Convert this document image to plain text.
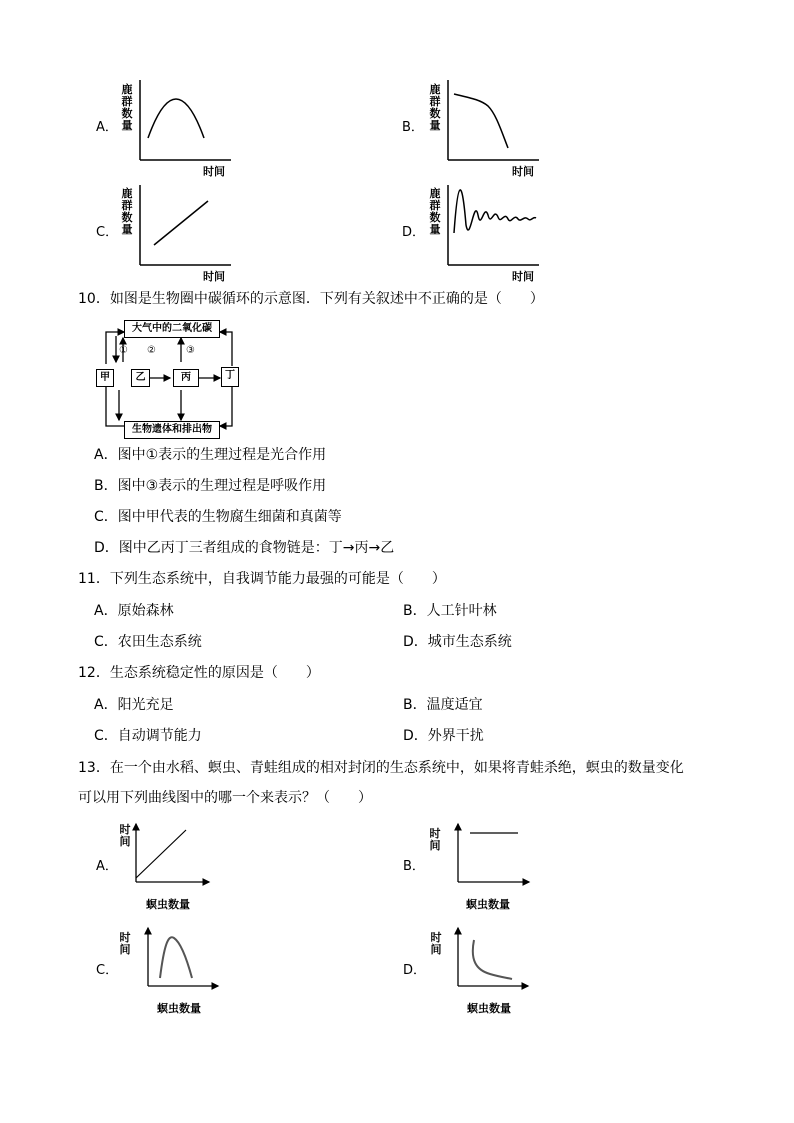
A．
鹿群数量
时间
B．
鹿群数量
时间
C．
鹿群数量
时间
D．
鹿群数量
时间
10．如图是生物圈中碳循环的示意图．下列有关叙述中不正确的是（　　）
大气中的二氧化碳
生物遗体和排出物
甲	乙	丙	丁
① ②	③
A．图中①表示的生理过程是光合作用
B．图中③表示的生理过程是呼吸作用
C．图中甲代表的生物腐生细菌和真菌等
D．图中乙丙丁三者组成的食物链是：丁→丙→乙
11．下列生态系统中，自我调节能力最强的可能是（　　）
A．原始森林	B．人工针叶林
C．农田生态系统	D．城市生态系统
12．生态系统稳定性的原因是（　　）
A．阳光充足	B．温度适宜
C．自动调节能力	D．外界干扰
13．在一个由水稻、螟虫、青蛙组成的相对封闭的生态系统中，如果将青蛙杀绝，螟虫的数量变化
可以用下列曲线图中的哪一个来表示？（　　）
A．
时间
螟虫数量
B．
时间
螟虫数量
C．
时间
螟虫数量
D．
时间
螟虫数量
